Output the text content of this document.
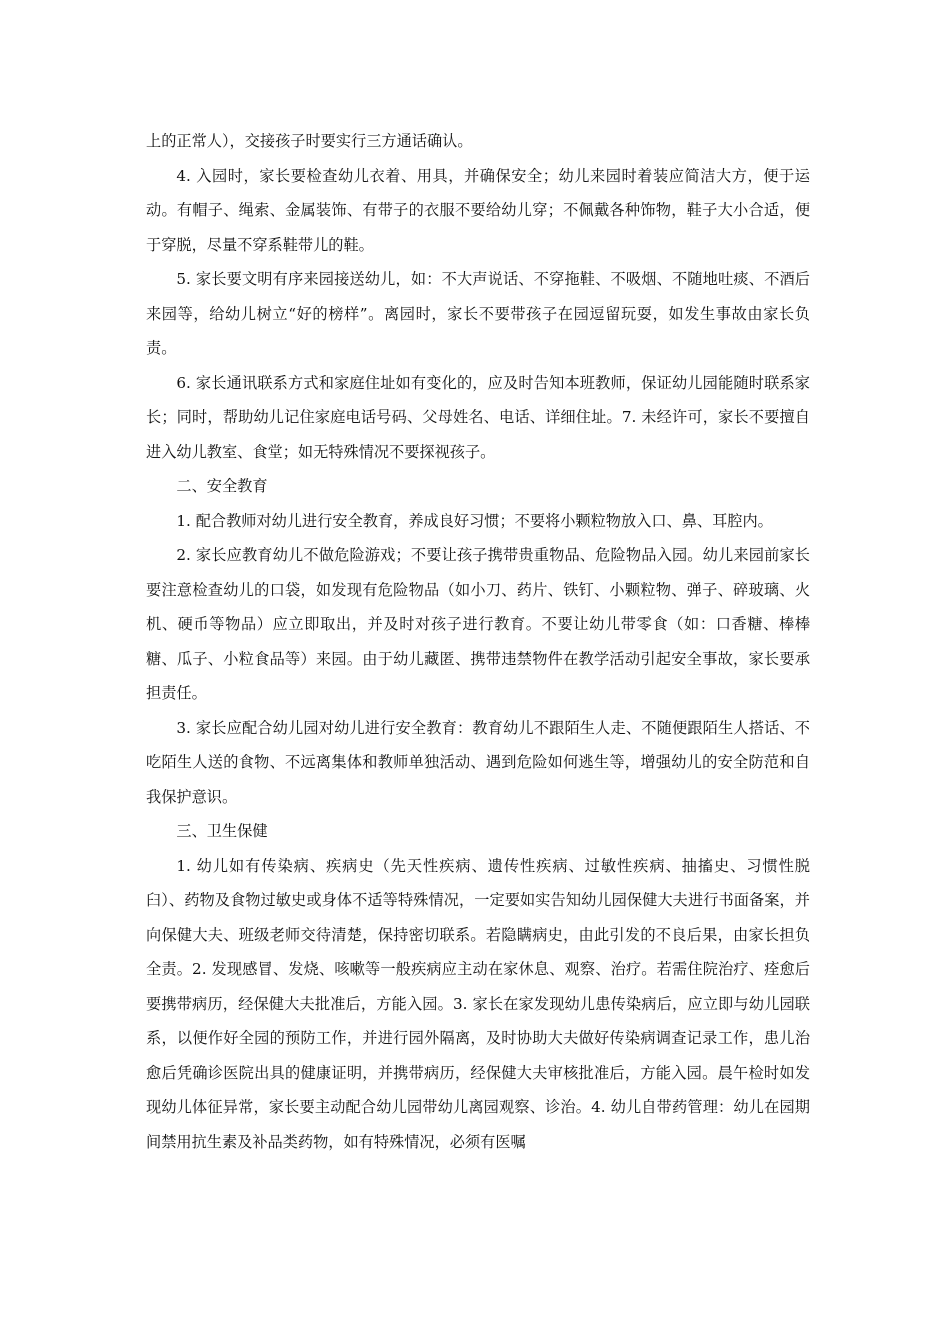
上的正常人），交接孩子时要实行三方通话确认。

4. 入园时，家长要检查幼儿衣着、用具，并确保安全；幼儿来园时着装应简洁大方，便于运动。有帽子、绳索、金属装饰、有带子的衣服不要给幼儿穿；不佩戴各种饰物，鞋子大小合适，便于穿脱，尽量不穿系鞋带儿的鞋。

5. 家长要文明有序来园接送幼儿，如：不大声说话、不穿拖鞋、不吸烟、不随地吐痰、不酒后来园等，给幼儿树立“好的榜样”。离园时，家长不要带孩子在园逗留玩耍，如发生事故由家长负责。

6. 家长通讯联系方式和家庭住址如有变化的，应及时告知本班教师，保证幼儿园能随时联系家长；同时，帮助幼儿记住家庭电话号码、父母姓名、电话、详细住址。7. 未经许可，家长不要擅自进入幼儿教室、食堂；如无特殊情况不要探视孩子。

二、安全教育

1. 配合教师对幼儿进行安全教育，养成良好习惯；不要将小颗粒物放入口、鼻、耳腔内。

2. 家长应教育幼儿不做危险游戏；不要让孩子携带贵重物品、危险物品入园。幼儿来园前家长要注意检查幼儿的口袋，如发现有危险物品（如小刀、药片、铁钉、小颗粒物、弹子、碎玻璃、火机、硬币等物品）应立即取出，并及时对孩子进行教育。不要让幼儿带零食（如：口香糖、棒棒糖、瓜子、小粒食品等）来园。由于幼儿藏匿、携带违禁物件在教学活动引起安全事故，家长要承担责任。

3. 家长应配合幼儿园对幼儿进行安全教育：教育幼儿不跟陌生人走、不随便跟陌生人搭话、不吃陌生人送的食物、不远离集体和教师单独活动、遇到危险如何逃生等，增强幼儿的安全防范和自我保护意识。

三、卫生保健

1. 幼儿如有传染病、疾病史（先天性疾病、遗传性疾病、过敏性疾病、抽搐史、习惯性脱臼）、药物及食物过敏史或身体不适等特殊情况，一定要如实告知幼儿园保健大夫进行书面备案，并向保健大夫、班级老师交待清楚，保持密切联系。若隐瞒病史，由此引发的不良后果，由家长担负全责。2. 发现感冒、发烧、咳嗽等一般疾病应主动在家休息、观察、治疗。若需住院治疗、痊愈后要携带病历，经保健大夫批准后，方能入园。3. 家长在家发现幼儿患传染病后，应立即与幼儿园联系，以便作好全园的预防工作，并进行园外隔离，及时协助大夫做好传染病调查记录工作，患儿治愈后凭确诊医院出具的健康证明，并携带病历，经保健大夫审核批准后，方能入园。晨午检时如发现幼儿体征异常，家长要主动配合幼儿园带幼儿离园观察、诊治。4. 幼儿自带药管理：幼儿在园期间禁用抗生素及补品类药物，如有特殊情况，必须有医嘱
